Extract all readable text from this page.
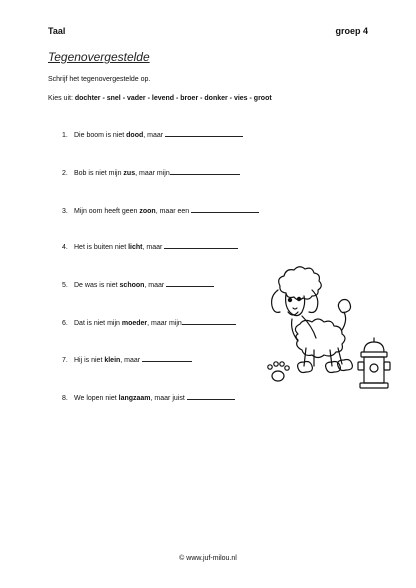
Taal	groep 4
Tegenovergestelde
Schrijf het tegenovergestelde op.
Kies uit: dochter - snel - vader - levend - broer - donker - vies - groot
1. Die boom is niet dood, maar
2. Bob is niet mijn zus, maar mijn
3. Mijn oom heeft geen zoon, maar een
4. Het is buiten niet licht, maar
5. De was is niet schoon, maar
6. Dat is niet mijn moeder, maar mijn
7. Hij is niet klein, maar
8. We lopen niet langzaam, maar juist
© www.juf-milou.nl
